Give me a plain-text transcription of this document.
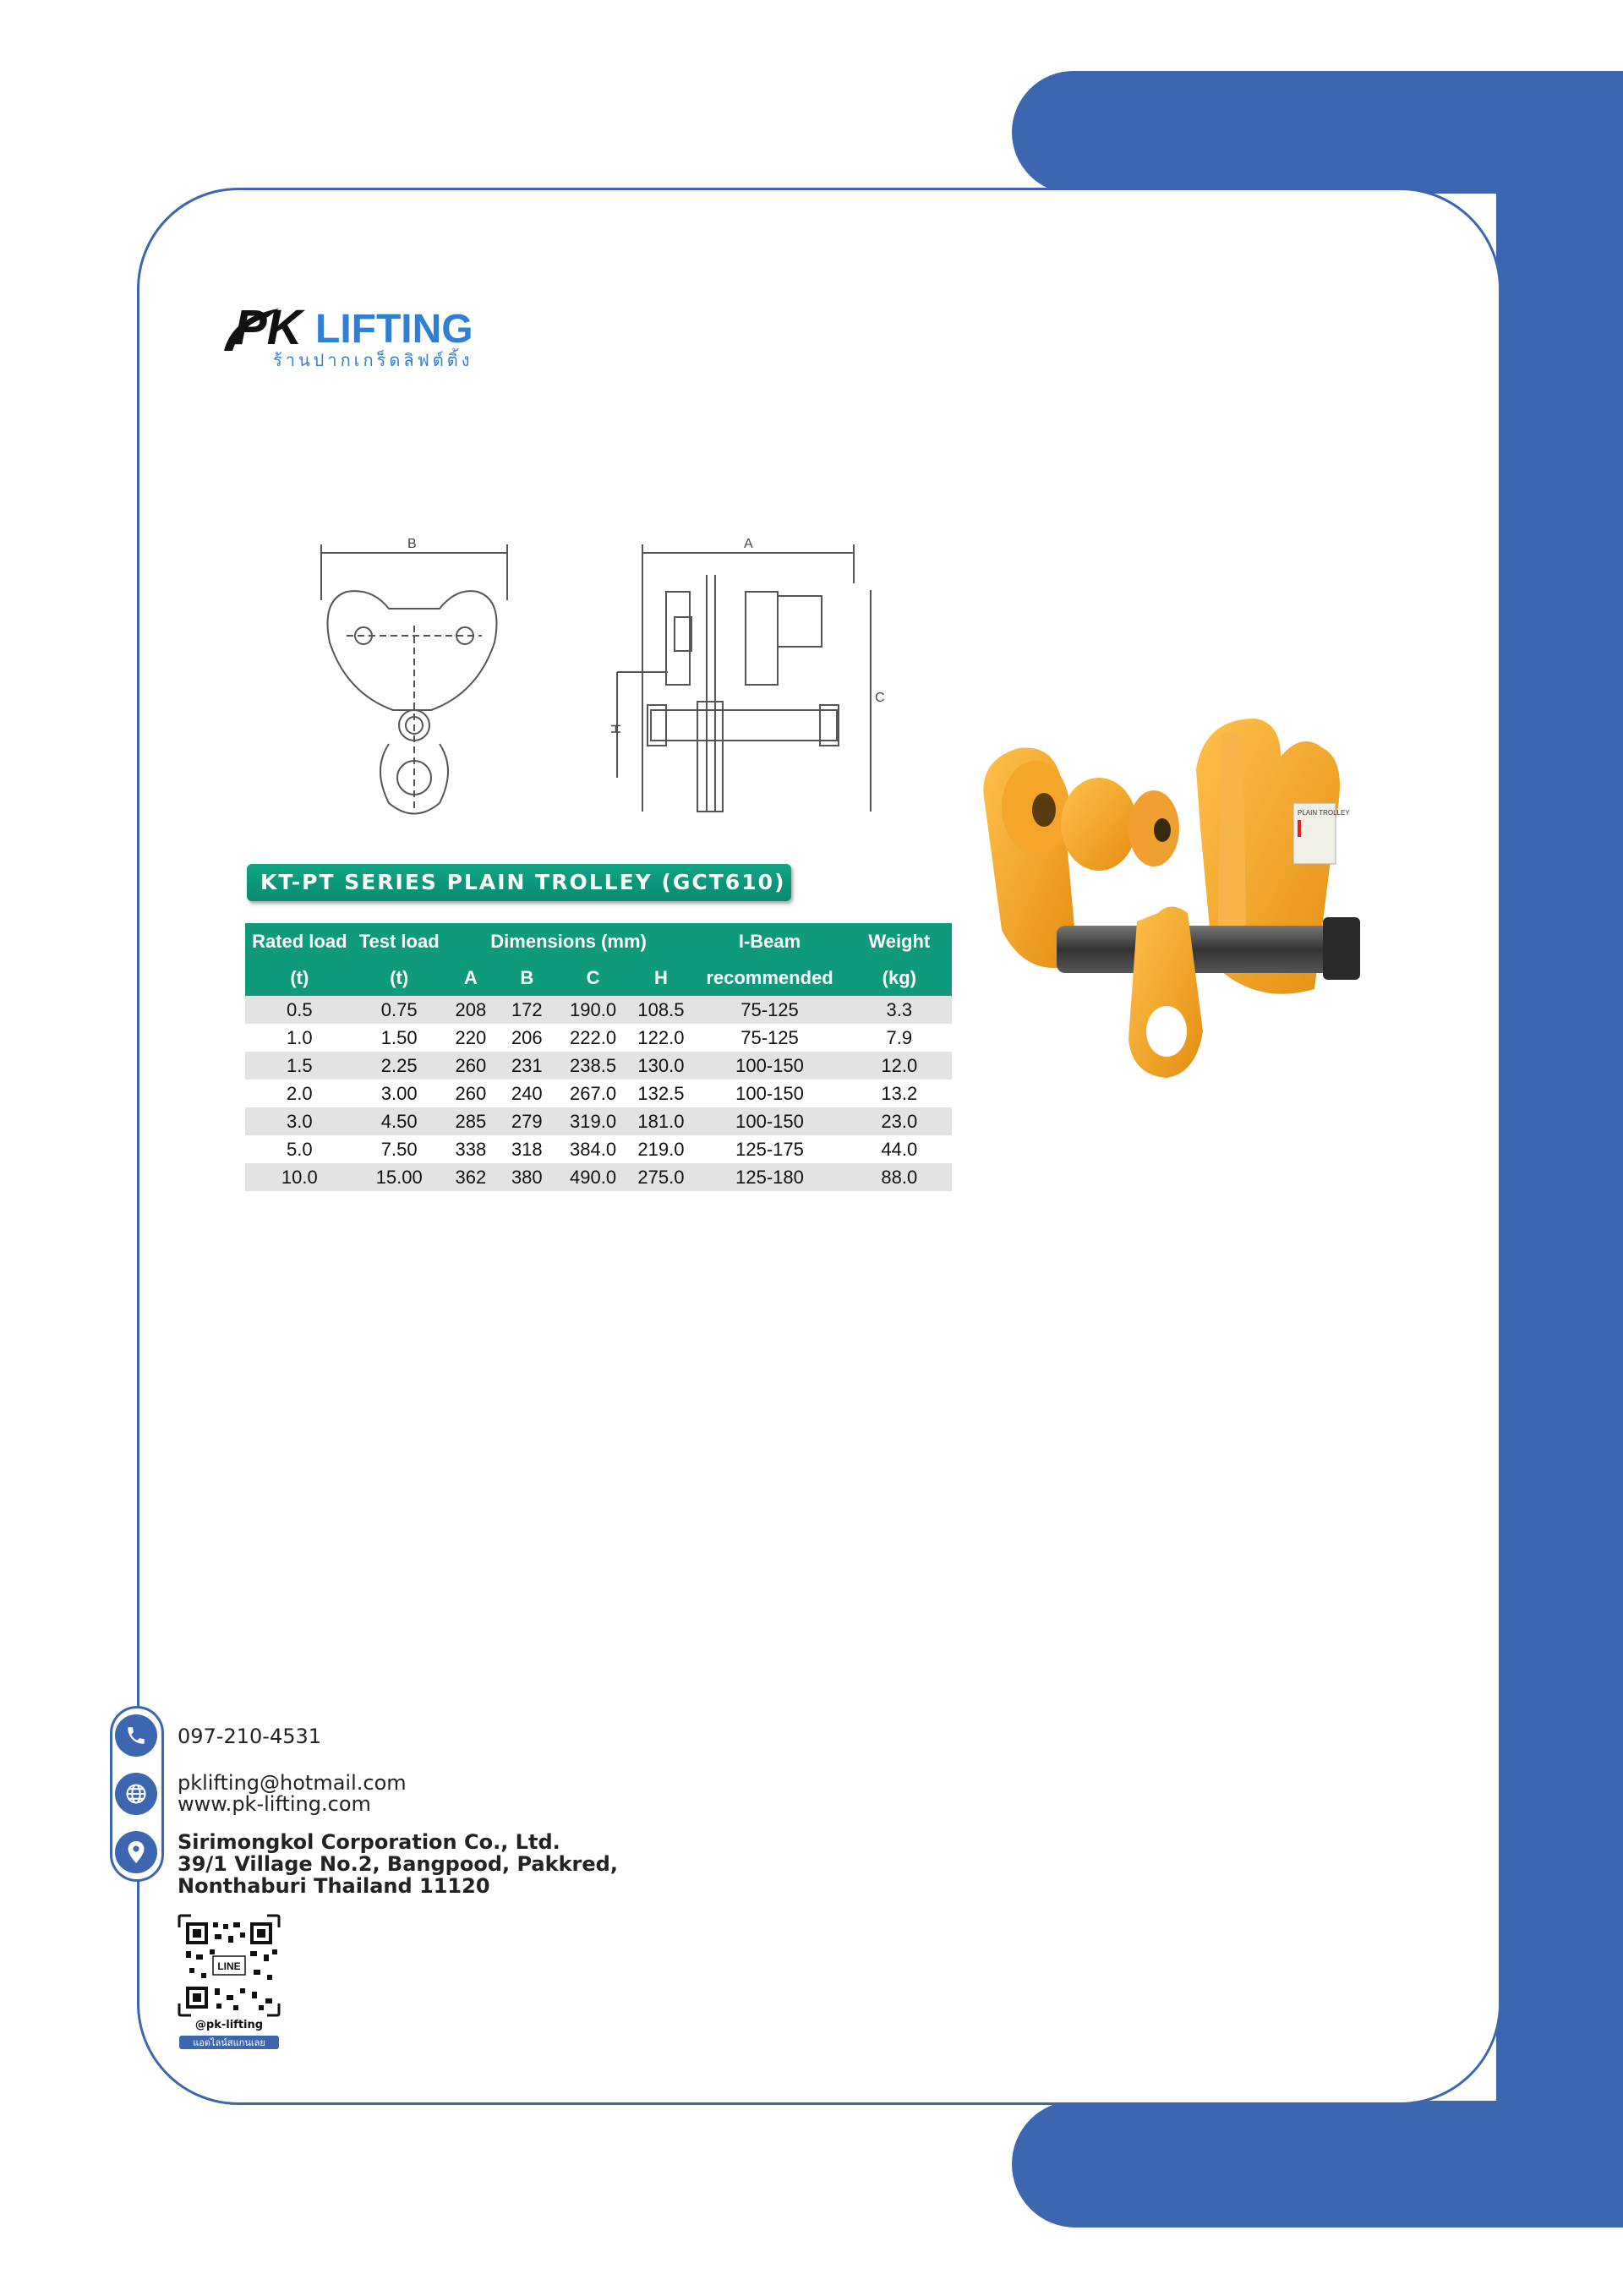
PK LIFTING
ร้านปากเกร็ดลิฟต์ติ้ง
B	A
C
H
KT-PT SERIES PLAIN TROLLEY (GCT610)
Rated load	Test load	Dimensions (mm)				I-Beam	Weight
(t)	(t)	A	B	C	H	recommended	(kg)
0.5	0.75	208	172	190.0	108.5	75-125	3.3
1.0	1.50	220	206	222.0	122.0	75-125	7.9
1.5	2.25	260	231	238.5	130.0	100-150	12.0
2.0	3.00	260	240	267.0	132.5	100-150	13.2
3.0	4.50	285	279	319.0	181.0	100-150	23.0
5.0	7.50	338	318	384.0	219.0	125-175	44.0
10.0	15.00	362	380	490.0	275.0	125-180	88.0
PLAIN TROLLEY
097-210-4531
pklifting@hotmail.com
www.pk-lifting.com
Sirimongkol Corporation Co., Ltd.
39/1 Village No.2, Bangpood, Pakkred,
Nonthaburi Thailand 11120
LINE
@pk-lifting
แอดไลน์สแกนเลย
